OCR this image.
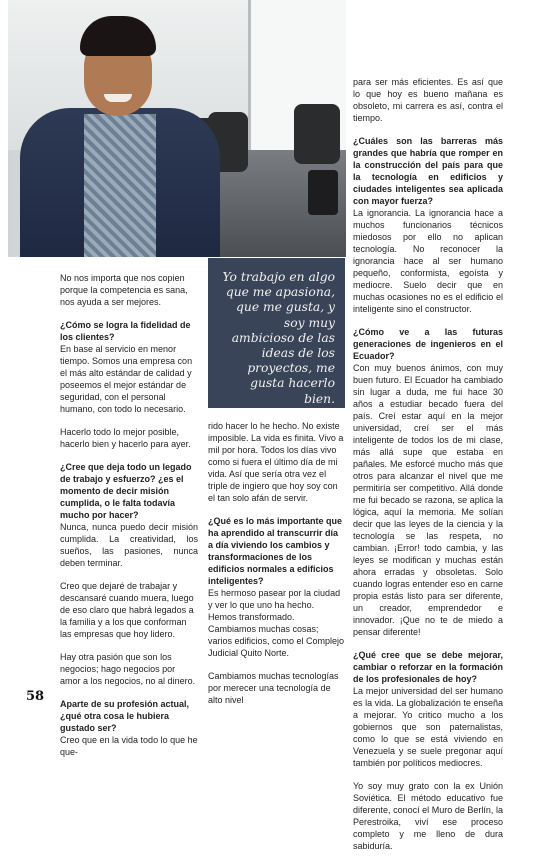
No nos importa que nos copien porque la competencia es sana, nos ayuda a ser mejores.

¿Cómo se logra la fidelidad de los clientes?

En base al servicio en menor tiempo. Somos una empresa con el más alto estándar de calidad y poseemos el mejor estándar de seguridad, con el personal humano, con todo lo necesario.

Hacerlo todo lo mejor posible, hacerlo bien y hacerlo para ayer.

¿Cree que deja todo un legado de trabajo y esfuerzo? ¿es el momento de decir misión cumplida, o le falta todavía mucho por hacer?

Nunca, nunca puedo decir misión cumplida. La creatividad, los sueños, las pasiones, nunca deben terminar.

Creo que dejaré de trabajar y descansaré cuando muera, luego de eso claro que habrá legados a la familia y a los que conforman las empresas que hoy lidero.

Hay otra pasión que son los negocios; hago negocios por amor a los negocios, no al dinero.

Aparte de su profesión actual, ¿qué otra cosa le hubiera gustado ser?

Creo que en la vida todo lo que he que-

Yo trabajo en algo que me apasiona, que me gusta, y soy muy ambicioso de las ideas de los proyectos, me gusta hacerlo bien.

rido hacer lo he hecho. No existe imposible. La vida es finita. Vivo a mil por hora. Todos los días vivo como si fuera el último día de mi vida. Así que sería otra vez el triple de ingiero que hoy soy con el tan solo afán de servir.

¿Qué es lo más importante que ha aprendido al transcurrir día a día viviendo los cambios y transformaciones de los edificios normales a edificios inteligentes?

Es hermoso pasear por la ciudad y ver lo que uno ha hecho. Hemos transformado. Cambiamos muchas cosas; varios edificios, como el Complejo Judicial Quito Norte.

Cambiamos muchas tecnologías por merecer una tecnología de alto nivel

para ser más eficientes. Es así que lo que hoy es bueno mañana es obsoleto, mi carrera es así, contra el tiempo.

¿Cuáles son las barreras más grandes que habría que romper en la construcción del país para que la tecnología en edificios y ciudades inteligentes sea aplicada con mayor fuerza?

La ignorancia. La ignorancia hace a muchos funcionarios técnicos miedosos por ello no aplican tecnología. No reconocer la ignorancia hace al ser humano pequeño, conformista, egoísta y mediocre. Suelo decir que en muchas ocasiones no es el edificio el inteligente sino el constructor.

¿Cómo ve a las futuras generaciones de ingenieros en el Ecuador?

Con muy buenos ánimos, con muy buen futuro. El Ecuador ha cambiado sin lugar a duda, me fui hace 30 años a estudiar becado fuera del país. Creí estar aquí en la mejor universidad, creí ser el más inteligente de todos los de mi clase, más allá supe que estaba en pañales. Me esforcé mucho más que otros para alcanzar el nivel que me permitiría ser competitivo. Allá donde me fui becado se razona, se aplica la lógica, aquí la memoria. Me solían decir que las leyes de la ciencia y la tecnología se las respeta, no cambian. ¡Error! todo cambia, y las leyes se modifican y muchas están ahora erradas y obsoletas. Solo cuando logras entender eso en carne propia estás listo para ser diferente, un creador, emprendedor e innovador. ¡Que no te de miedo a pensar diferente!

¿Qué cree que se debe mejorar, cambiar o reforzar en la formación de los profesionales de hoy?

La mejor universidad del ser humano es la vida. La globalización te enseña a mejorar. Yo critico mucho a los gobiernos que son paternalistas, como lo que se está viviendo en Venezuela y se suele pregonar aquí también por políticos mediocres.

Yo soy muy grato con la ex Unión Soviética. El método educativo fue diferente, conocí el Muro de Berlín, la Perestroika, viví ese proceso completo y me lleno de dura sabiduría.

58
